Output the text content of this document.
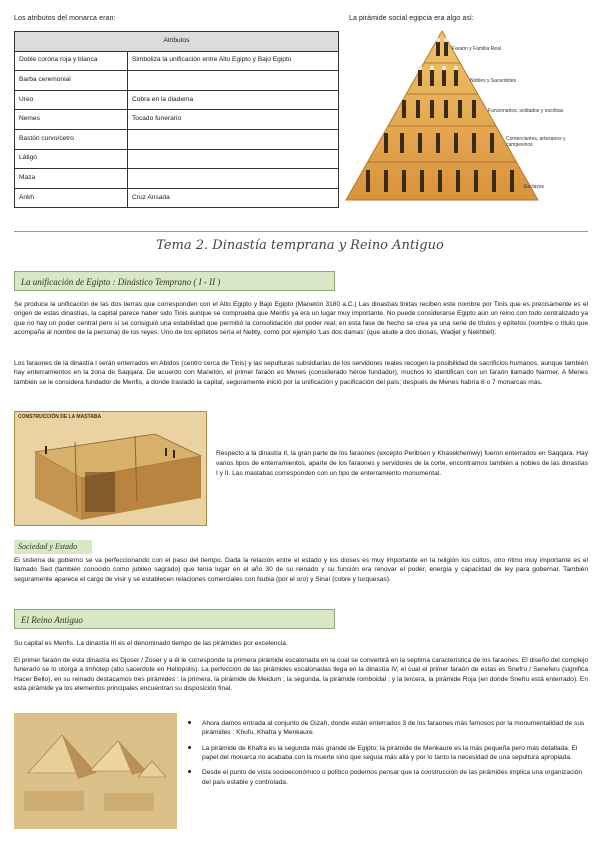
Los atributos del monarca eran:	La pirámide social egipcia era algo así:
Atributos	
Doble corona roja y blanca	Simboliza la unificación entre Alto Egipto y Bajo Egipto
Barba ceremonial	
Ureo	Cobra en la diadema
Nemes	Tocado funerario
Bastón curvo/cetro	
Látigo	
Maza	
Ankh	Cruz Ansada
Faraón y Familia Real
Nobles y Sacerdotes
Funcionarios, soldados y escribas
Comerciantes, artesanos y campesinos
Esclavos
Tema 2. Dinastía temprana y Reino Antiguo
La unificación de Egipto : Dinástico Temprano ( I - II )
Se produce la unificación de las dos tierras que corresponden con el Alto Egipto y Bajo Egipto (Manetón 3180 a.C.) Las dinastías tinitas reciben este nombre por Tinis que es precisamente es el origen de estas dinastías, la capital parece haber sido Tinis aunque se comprueba que Menfis ya era un lugar muy importante. No puede considerarse Egipto aún un reino con todo centralizado ya que no hay un poder central pero sí se consiguió una estabilidad que permitió la consolidación del poder real; en esta fase de hecho se crea ya una serie de títulos y epítetos (nombre o título que acompaña al nombre de la persona) de los reyes. Uno de los epítetos sería el Nebty, como por ejemplo 'Las dos damas' (que alude a dos diosas, Wadjet y Nekhbet).
Los faraones de la dinastía I serán enterrados en Abidos (centro cerca de Tinis) y las sepulturas subsidiarias de los servidores reales recogen la posibilidad de sacrificios humanos, aunque también hay enterramientos en la zona de Saqqara. De acuerdo con Manetón, el primer faraón es Menes (considerado héroe fundador), muchos lo identifican con un faraón llamado Narmer. A Menes también se le considera fundador de Menfis, a donde trasladó la capital, seguramente inició por la unificación y pacificación del país; después de Menes habría 6 o 7 monarcas más.
CONSTRUCCIÓN DE LA MASTABA
Respecto a la dinastía II, la gran parte de los faraones (excepto Peribsen y Khasekhemwy) fueron enterrados en Saqqara. Hay varios tipos de enterramientos, aparte de los faraones y servidores de la corte, encontramos también a nobles de las dinastías I y II. Las mastabas corresponden con un tipo de enterramiento monumental.
Sociedad y Estado
El sistema de gobierno se va perfeccionando con el paso del tiempo. Dada la relación entre el estado y los dioses es muy importante en la religión los cultos, otro ritmo muy importante es el llamado Sed (también conocido como jubileo sagrado) que tenía lugar en el año 30 de su reinado y su función era renovar el poder, energía y capacidad de ley para gobernar. También seguramente aparece el cargo de visir y se establecen relaciones comerciales con Nubia (por el oro) y Sinaí (cobre y turquesas).
El Reino Antiguo
Su capital es Menfis. La dinastía III es el denominado tiempo de las pirámides por excelencia.
El primer faraón de esta dinastía es Djoser / Zoser y a él le corresponde la primera pirámide escalonada en la cual se convertirá en la septima característica de los faraones. El diseño del complejo funerario se lo otorga a Imhotep (alto sacerdote en Heliópolis). La perfección de las pirámides escalonadas llega en la dinastía IV, el cual el primer faraón de estas es Snefru / Seneferu (significa Hacer Bello), en su reinado destacamos tres pirámides : la primera, la pirámide de Meidum ; la segunda, la pirámide romboidal ; y la tercera, la pirámide Roja (en donde Snefru está enterrado). En esta pirámide ya los elementos principales encuentran su disposición final.
Ahora damos entrada al conjunto de Gizah, donde están enterrados 3 de los faraones más famosos por la monumentalidad de sus pirámides : Khufu, Khafra y Menkaure.
La pirámide de Khafra es la segunda más grande de Egipto; la pirámide de Menkaure es la más pequeña pero más detallada. El papel del monarca no acababa con la muerte sino que seguía más allá y por lo tanto la necesidad de una sepultura apropiada.
Desde el punto de vista socioeconómico o político podemos pensar que la construcción de las pirámides implica una organización del país estable y controlada.
